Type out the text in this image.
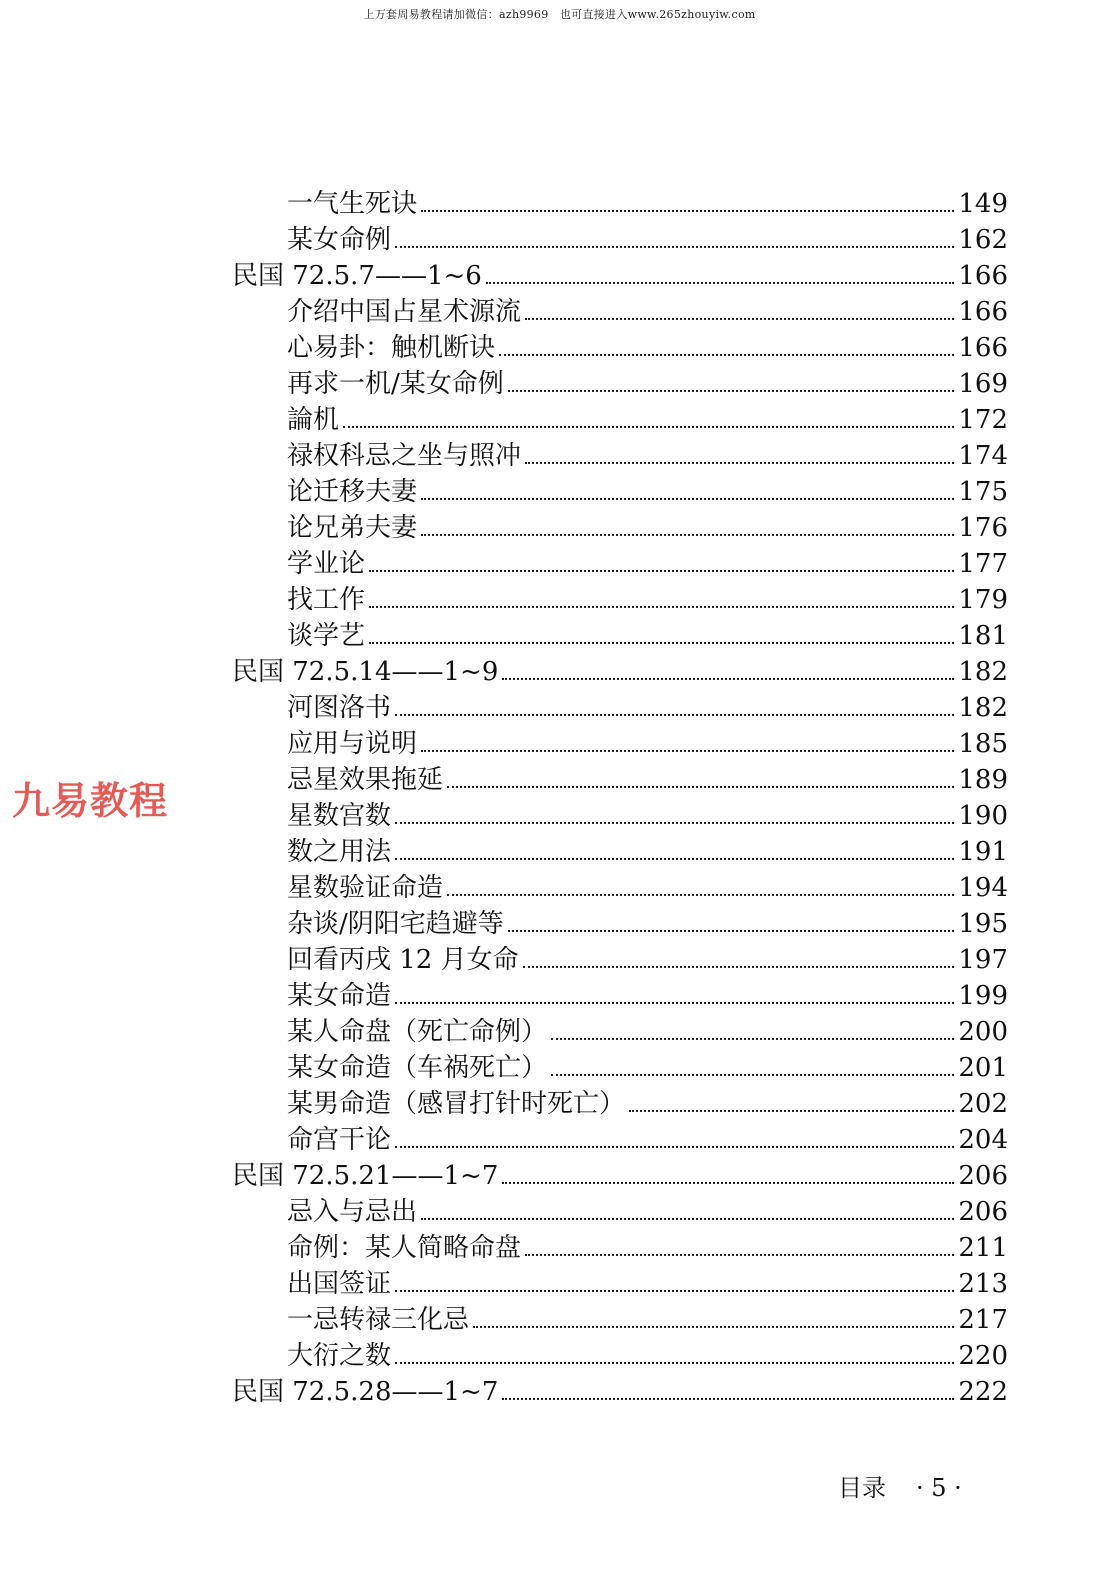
上万套周易教程请加微信：azh9969　也可直接进入www.265zhouyiw.com
九易教程
一气生死诀	149
某女命例	162
民国 72.5.7——1~6	166
介绍中国占星术源流	166
心易卦：触机断诀	166
再求一机/某女命例	169
論机	172
禄权科忌之坐与照冲	174
论迁移夫妻	175
论兄弟夫妻	176
学业论	177
找工作	179
谈学艺	181
民国 72.5.14——1~9	182
河图洛书	182
应用与说明	185
忌星效果拖延	189
星数宫数	190
数之用法	191
星数验证命造	194
杂谈/阴阳宅趋避等	195
回看丙戌 12 月女命	197
某女命造	199
某人命盘（死亡命例）	200
某女命造（车祸死亡）	201
某男命造（感冒打针时死亡）	202
命宫干论	204
民国 72.5.21——1~7	206
忌入与忌出	206
命例：某人简略命盘	211
出国签证	213
一忌转禄三化忌	217
大衍之数	220
民国 72.5.28——1~7	222
目录 · 5 ·
